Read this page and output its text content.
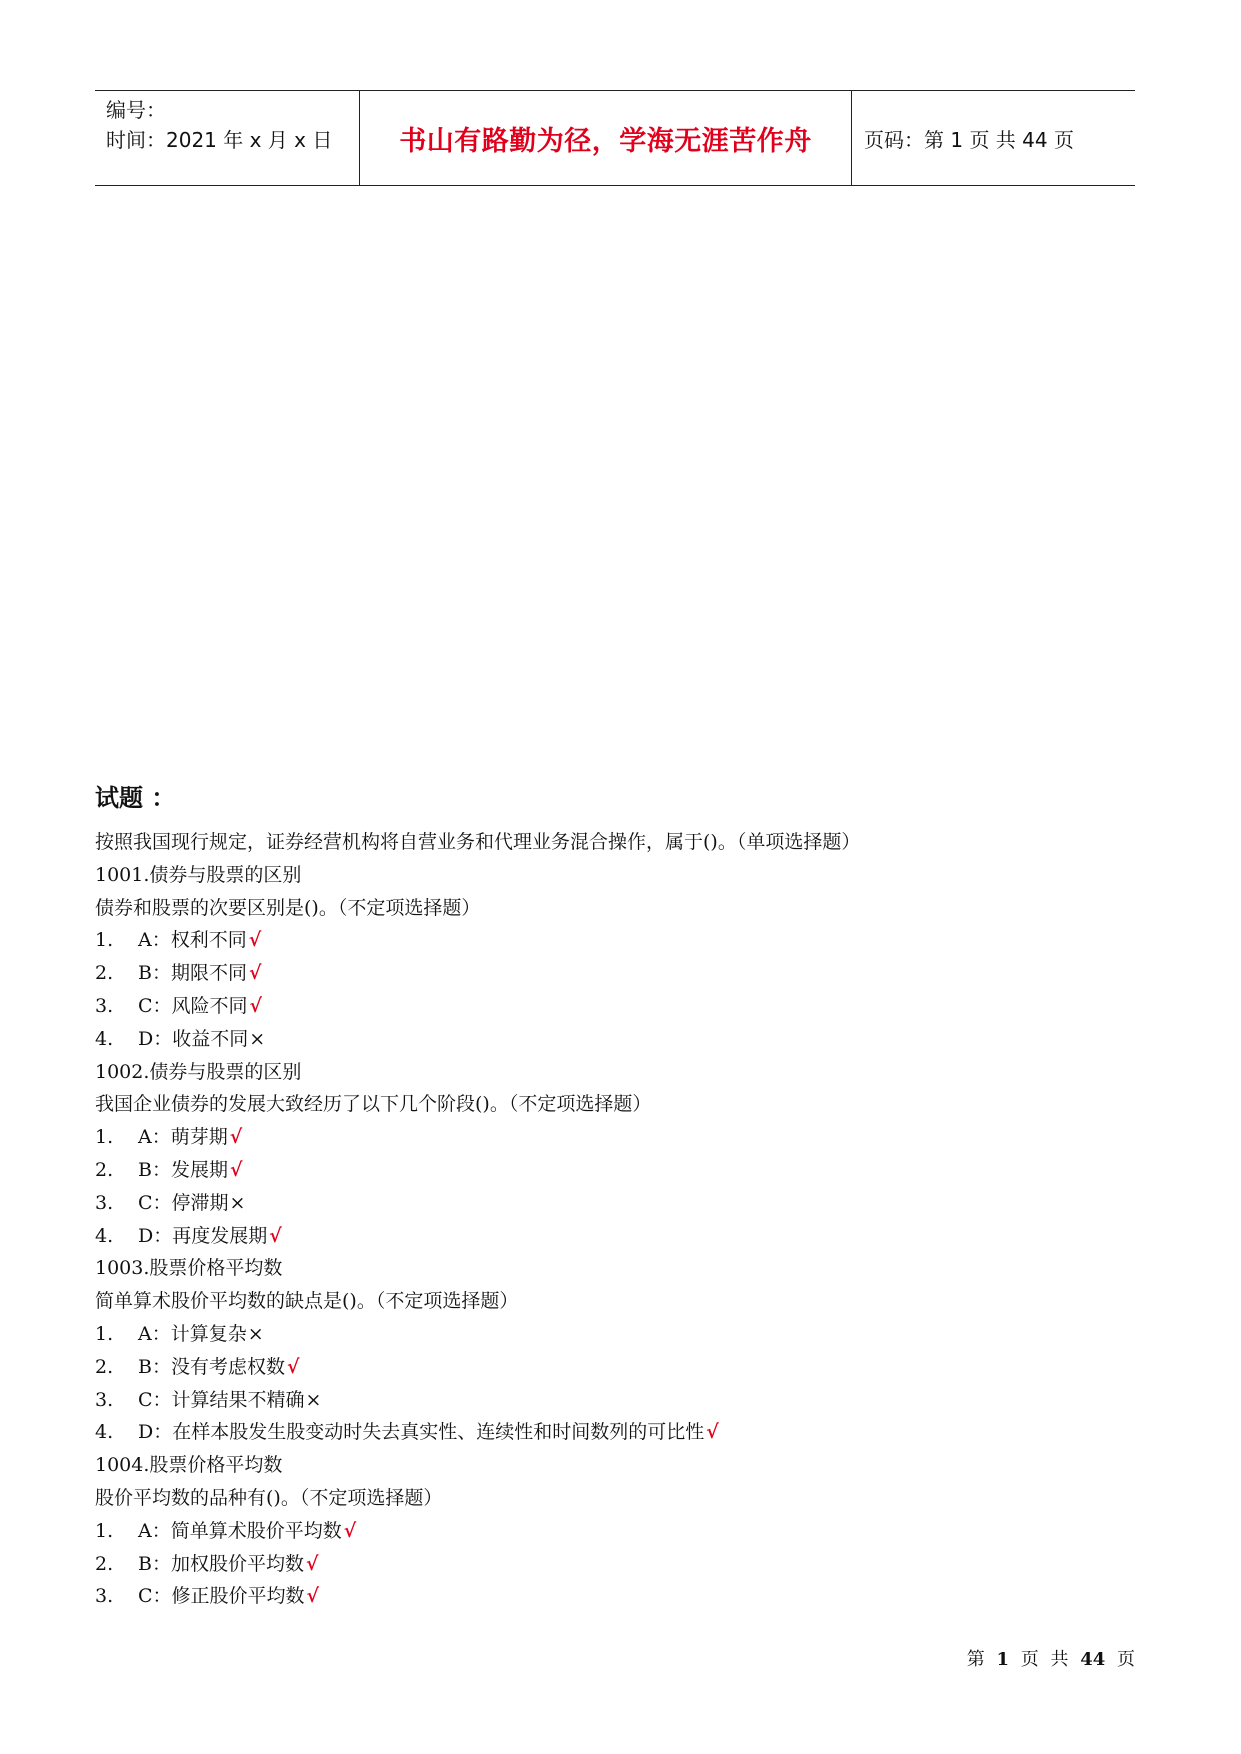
编号：
时间：2021 年 x 月 x 日	书山有路勤为径，学海无涯苦作舟	页码：第 1 页 共 44 页
试题 ：
按照我国现行规定，证券经营机构将自营业务和代理业务混合操作，属于()。（单项选择题）
1001.债券与股票的区别
债券和股票的次要区别是()。（不定项选择题）
1. A：权利不同 √
2. B：期限不同 √
3. C：风险不同 √
4. D：收益不同×
1002.债券与股票的区别
我国企业债券的发展大致经历了以下几个阶段()。（不定项选择题）
1. A：萌芽期 √
2. B：发展期 √
3. C：停滞期×
4. D：再度发展期 √
1003.股票价格平均数
简单算术股价平均数的缺点是()。（不定项选择题）
1. A：计算复杂×
2. B：没有考虑权数 √
3. C：计算结果不精确×
4. D：在样本股发生股变动时失去真实性、连续性和时间数列的可比性 √
1004.股票价格平均数
股价平均数的品种有()。（不定项选择题）
1. A：简单算术股价平均数 √
2. B：加权股价平均数 √
3. C：修正股价平均数 √
第 1 页 共 44 页
